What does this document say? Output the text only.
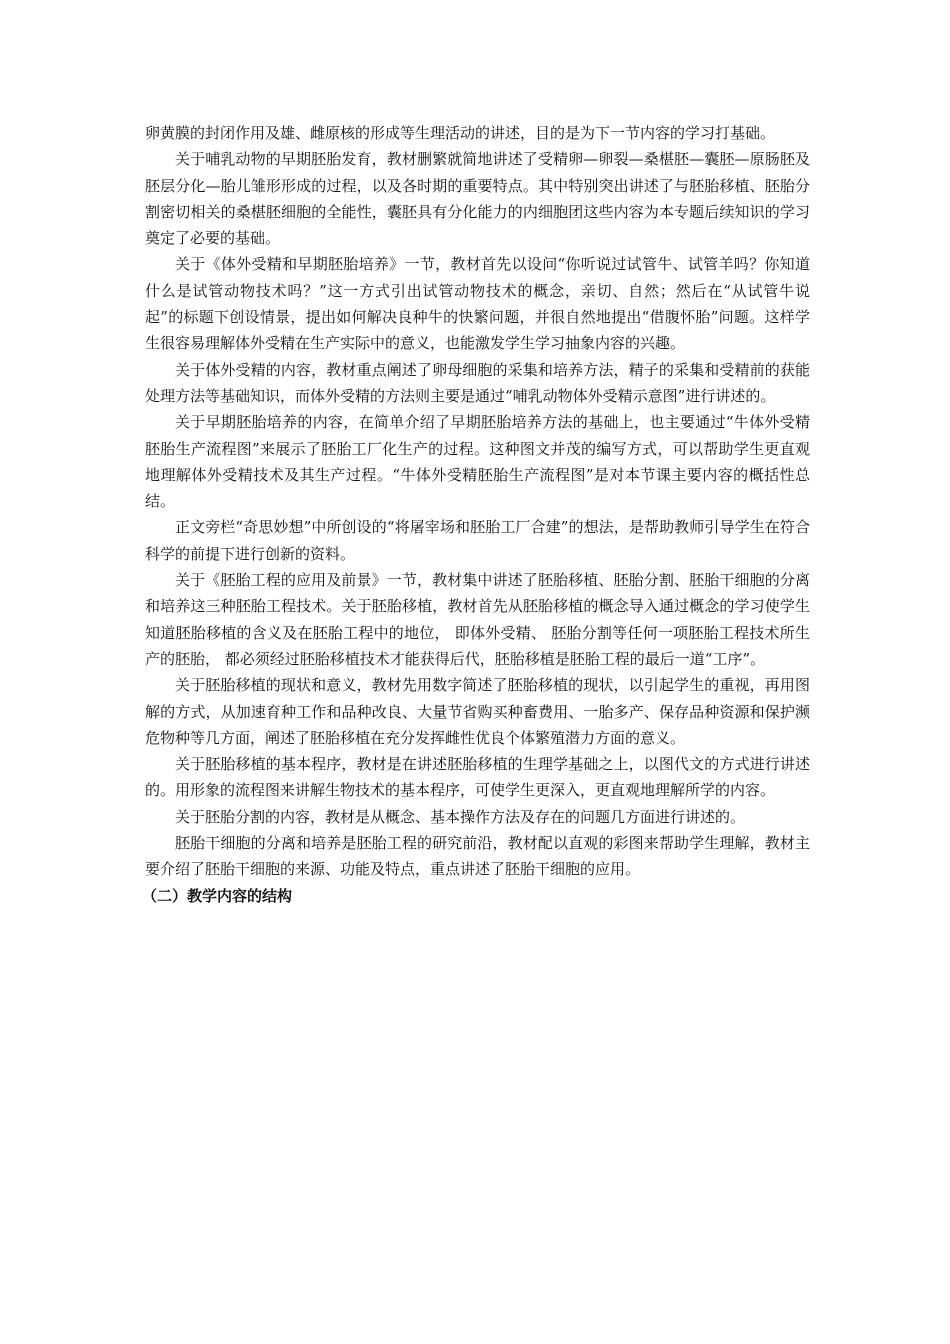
卵黄膜的封闭作用及雄、雌原核的形成等生理活动的讲述，目的是为下一节内容的学习打基础。

关于哺乳动物的早期胚胎发育，教材删繁就简地讲述了受精卵—卵裂—桑椹胚—囊胚—原肠胚及胚层分化—胎儿雏形形成的过程，以及各时期的重要特点。其中特别突出讲述了与胚胎移植、胚胎分割密切相关的桑椹胚细胞的全能性，囊胚具有分化能力的内细胞团这些内容为本专题后续知识的学习奠定了必要的基础。

关于《体外受精和早期胚胎培养》一节，教材首先以设问“你听说过试管牛、试管羊吗？你知道什么是试管动物技术吗？”这一方式引出试管动物技术的概念，亲切、自然；然后在“从试管牛说起”的标题下创设情景，提出如何解决良种牛的快繁问题，并很自然地提出“借腹怀胎”问题。这样学生很容易理解体外受精在生产实际中的意义，也能激发学生学习抽象内容的兴趣。

关于体外受精的内容，教材重点阐述了卵母细胞的采集和培养方法，精子的采集和受精前的获能处理方法等基础知识，而体外受精的方法则主要是通过“哺乳动物体外受精示意图”进行讲述的。

关于早期胚胎培养的内容，在简单介绍了早期胚胎培养方法的基础上，也主要通过“牛体外受精胚胎生产流程图”来展示了胚胎工厂化生产的过程。这种图文并茂的编写方式，可以帮助学生更直观地理解体外受精技术及其生产过程。“牛体外受精胚胎生产流程图”是对本节课主要内容的概括性总结。

正文旁栏“奇思妙想”中所创设的“将屠宰场和胚胎工厂合建”的想法，是帮助教师引导学生在符合科学的前提下进行创新的资料。

关于《胚胎工程的应用及前景》一节，教材集中讲述了胚胎移植、胚胎分割、胚胎干细胞的分离和培养这三种胚胎工程技术。关于胚胎移植，教材首先从胚胎移植的概念导入通过概念的学习使学生知道胚胎移植的含义及在胚胎工程中的地位， 即体外受精、 胚胎分割等任何一项胚胎工程技术所生产的胚胎， 都必须经过胚胎移植技术才能获得后代，胚胎移植是胚胎工程的最后一道“工序”。

关于胚胎移植的现状和意义，教材先用数字简述了胚胎移植的现状，以引起学生的重视，再用图解的方式，从加速育种工作和品种改良、大量节省购买种畜费用、一胎多产、保存品种资源和保护濒危物种等几方面，阐述了胚胎移植在充分发挥雌性优良个体繁殖潜力方面的意义。

关于胚胎移植的基本程序，教材是在讲述胚胎移植的生理学基础之上，以图代文的方式进行讲述的。用形象的流程图来讲解生物技术的基本程序，可使学生更深入，更直观地理解所学的内容。

关于胚胎分割的内容，教材是从概念、基本操作方法及存在的问题几方面进行讲述的。

胚胎干细胞的分离和培养是胚胎工程的研究前沿，教材配以直观的彩图来帮助学生理解，教材主要介绍了胚胎干细胞的来源、功能及特点，重点讲述了胚胎干细胞的应用。

（二）教学内容的结构
